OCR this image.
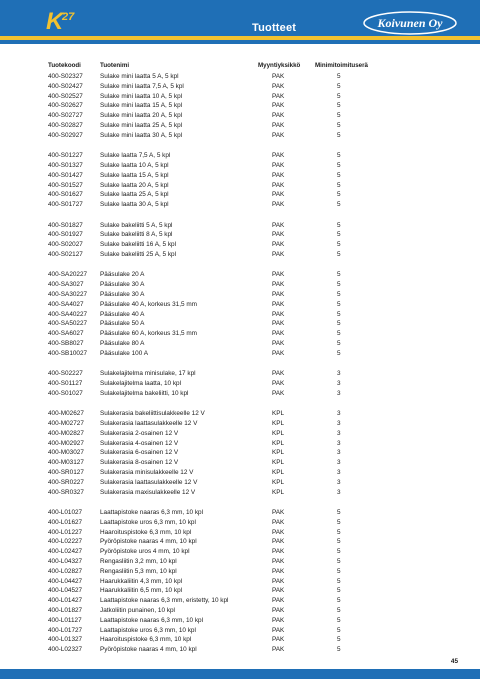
K
27
Tuotteet	Koivunen Oy
Tuotekoodi	Tuotenimi	Myyntiyksikkö Minimitoimituserä
400-S02327	Sulake mini laatta 5 A, 5 kpl	PAK	5
400-S02427	Sulake mini laatta 7,5 A, 5 kpl	PAK	5
400-S02527	Sulake mini laatta 10 A, 5 kpl	PAK	5
400-S02627	Sulake mini laatta 15 A, 5 kpl	PAK	5
400-S02727	Sulake mini laatta 20 A, 5 kpl	PAK	5
400-S02827	Sulake mini laatta 25 A, 5 kpl	PAK	5
400-S02927	Sulake mini laatta 30 A, 5 kpl	PAK	5
400-S01227	Sulake laatta 7,5 A, 5 kpl	PAK	5
400-S01327	Sulake laatta 10 A, 5 kpl	PAK	5
400-S01427	Sulake laatta 15 A, 5 kpl	PAK	5
400-S01527	Sulake laatta 20 A, 5 kpl	PAK	5
400-S01627	Sulake laatta 25 A, 5 kpl	PAK	5
400-S01727	Sulake laatta 30 A, 5 kpl	PAK	5
400-S01827	Sulake bakeliitti 5 A, 5 kpl	PAK	5
400-S01927	Sulake bakeliitti 8 A, 5 kpl	PAK	5
400-S02027	Sulake bakeliitti 16 A, 5 kpl	PAK	5
400-S02127	Sulake bakeliitti 25 A, 5 kpl	PAK	5
400-SA20227 Pääsulake 20 A	PAK	5
400-SA3027	Pääsulake 30 A	PAK	5
400-SA30227 Pääsulake 30 A	PAK	5
400-SA4027	Pääsulake 40 A, korkeus 31,5 mm	PAK	5
400-SA40227 Pääsulake 40 A	PAK	5
400-SA50227 Pääsulake 50 A	PAK	5
400-SA6027	Pääsulake 60 A, korkeus 31,5 mm	PAK	5
400-SB8027	Pääsulake 80 A	PAK	5
400-SB10027 Pääsulake 100 A	PAK	5
400-S02227	Sulakelajitelma minisulake, 17 kpl	PAK	3
400-S01127	Sulakelajitelma laatta, 10 kpl	PAK	3
400-S01027	Sulakelajitelma bakeliitti, 10 kpl	PAK	3
400-M02627	Sulakerasia bakeliittisulakkeelle 12 V	KPL	3
400-M02727	Sulakerasia laattasulakkeelle 12 V	KPL	3
400-M02827	Sulakerasia 2-osainen 12 V	KPL	3
400-M02927	Sulakerasia 4-osainen 12 V	KPL	3
400-M03027	Sulakerasia 6-osainen 12 V	KPL	3
400-M03127	Sulakerasia 8-osainen 12 V	KPL	3
400-SR0127	Sulakerasia minisulakkeelle 12 V	KPL	3
400-SR0227	Sulakerasia laattasulakkeelle 12 V	KPL	3
400-SR0327	Sulakerasia maxisulakkeelle 12 V	KPL	3
400-L01027	Laattapistoke naaras 6,3 mm, 10 kpl	PAK	5
400-L01627	Laattapistoke uros 6,3 mm, 10 kpl	PAK	5
400-L01227	Haaroituspistoke 6,3 mm, 10 kpl	PAK	5
400-L02227	Pyöröpistoke naaras 4 mm, 10 kpl	PAK	5
400-L02427	Pyöröpistoke uros 4 mm, 10 kpl	PAK	5
400-L04327	Rengasliitin 3,2 mm, 10 kpl	PAK	5
400-L02827	Rengasliitin 5,3 mm, 10 kpl	PAK	5
400-L04427	Haarukkaliitin 4,3 mm, 10 kpl	PAK	5
400-L04527	Haarukkaliitin 6,5 mm, 10 kpl	PAK	5
400-L01427	Laattapistoke naaras 6,3 mm, eristetty, 10 kpl	PAK	5
400-L01827	Jatkoliitin punainen, 10 kpl	PAK	5
400-L01127	Laattapistoke naaras 6,3 mm, 10 kpl	PAK	5
400-L01727	Laattapistoke uros 6,3 mm, 10 kpl	PAK	5
400-L01327	Haaroituspistoke 6,3 mm, 10 kpl	PAK	5
400-L02327	Pyöröpistoke naaras 4 mm, 10 kpl	PAK	5
45
